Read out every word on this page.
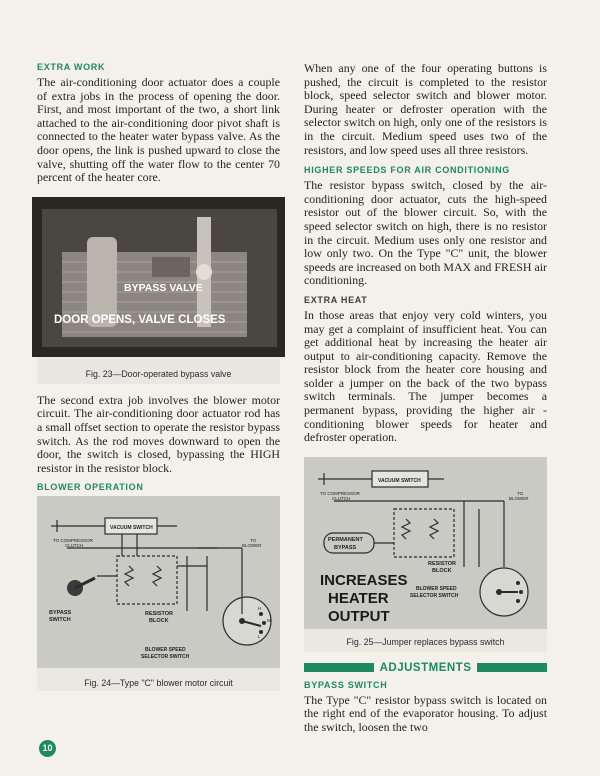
EXTRA WORK

The air-conditioning door actuator does a couple of extra jobs in the process of opening the door. First, and most important of the two, a short link attached to the air-conditioning door pivot shaft is connected to the heater water bypass valve. As the door opens, the link is pushed upward to close the valve, shutting off the water flow to the center 70 percent of the heater core.

BYPASS VALVE
DOOR OPENS, VALVE CLOSES
Fig. 23—Door-operated bypass valve

The second extra job involves the blower motor circuit. The air-conditioning door actuator rod has a small offset section to operate the resistor bypass switch. As the rod moves downward to open the door, the switch is closed, bypassing the HIGH resistor in the resistor block.

BLOWER OPERATION
VACUUM SWITCH
TO COMPRESSOR
CLUTCH
TO
BLOWER
RESISTOR
BLOCK
BYPASS
SWITCH
BLOWER SPEED
SELECTOR SWITCH
H
M
L
Fig. 24—Type "C" blower motor circuit

When any one of the four operating buttons is pushed, the circuit is completed to the resistor block, speed selector switch and blower motor. During heater or defroster operation with the selector switch on high, only one of the resistors is in the circuit. Medium speed uses two of the resistors, and low speed uses all three resistors.

HIGHER SPEEDS FOR AIR CONDITIONING

The resistor bypass switch, closed by the air-conditioning door actuator, cuts the high-speed resistor out of the blower circuit. So, with the speed selector switch on high, there is no resistor in the circuit. Medium uses only one resistor and low only two. On the Type "C" unit, the blower speeds are increased on both MAX and FRESH air conditioning.

EXTRA HEAT

In those areas that enjoy very cold winters, you may get a complaint of insufficient heat. You can get additional heat by increasing the heater air output to air-conditioning capacity. Remove the resistor block from the heater core housing and solder a jumper on the back of the two bypass switch terminals. The jumper becomes a permanent bypass, providing the higher air - conditioning blower speeds for heater and defroster operation.

VACUUM SWITCH
TO COMPRESSOR
CLUTCH
TO
BLOWER
PERMANENT
BYPASS
RESISTOR
BLOCK
INCREASES
HEATER
OUTPUT
BLOWER SPEED
SELECTOR SWITCH
Fig. 25—Jumper replaces bypass switch
ADJUSTMENTS
BYPASS SWITCH

The Type "C" resistor bypass switch is located on the right end of the evaporator housing. To adjust the switch, loosen the two

10
